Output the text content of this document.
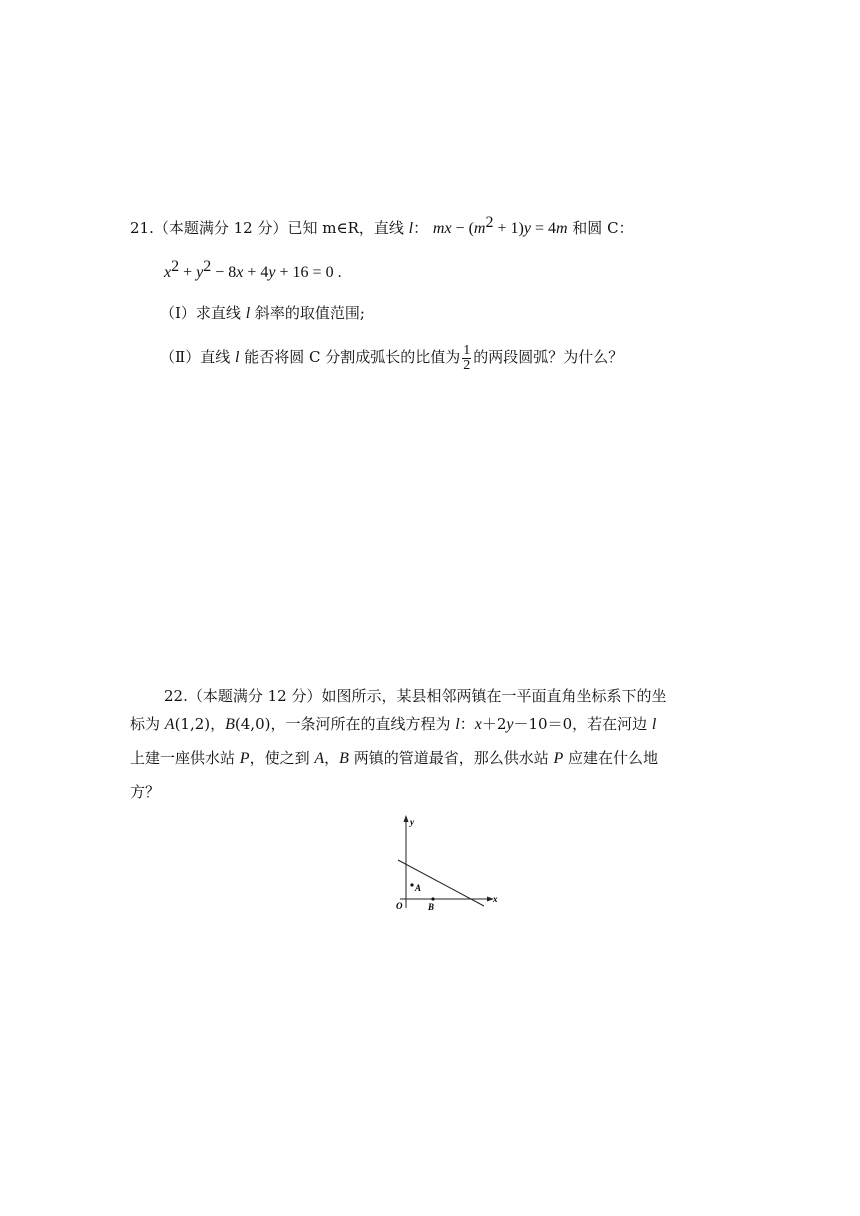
21.（本题满分 12 分）已知 m∈R，直线 l： mx − $(m^2 + 1)y = 4m$ 和圆 C：
$x^2 + y^2 - 8x + 4y + 16 = 0$ .
（Ⅰ）求直线 l 斜率的取值范围;
（Ⅱ）直线 l 能否将圆 C 分割成弧长的比值为 $\frac{1}{2}$ 的两段圆弧？为什么？
22.（本题满分 12 分）如图所示，某县相邻两镇在一平面直角坐标系下的坐
标为 A(1,2)，B(4,0)，一条河所在的直线方程为 l：x＋2y－10＝0，若在河边 l
上建一座供水站 P，使之到 A，B 两镇的管道最省，那么供水站 P 应建在什么地
方？
A
B
O
x
y
